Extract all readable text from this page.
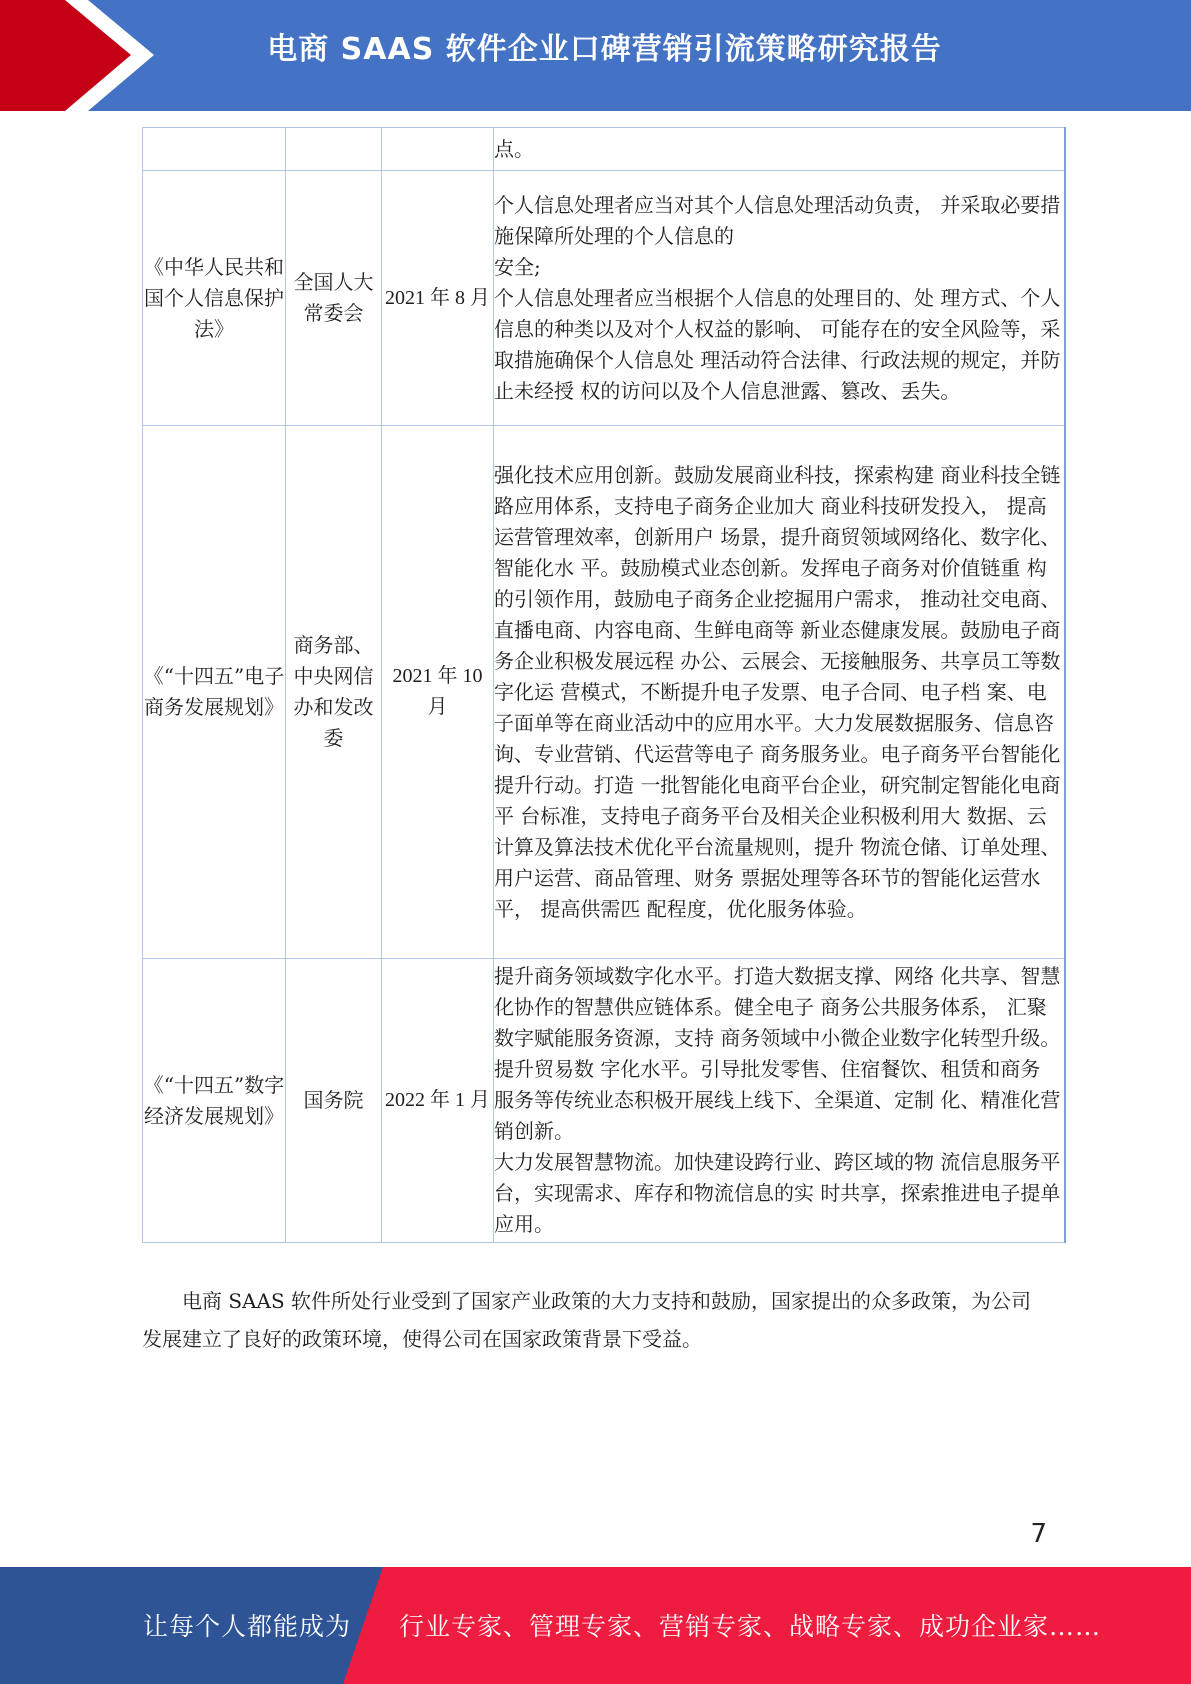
电商 SAAS 软件企业口碑营销引流策略研究报告

			点。

《中华人民共和国个人信息保护法》	全国人大常委会	2021 年 8 月	个人信息处理者应当对其个人信息处理活动负责， 并采取必要措施保障所处理的个人信息的

安全;

个人信息处理者应当根据个人信息的处理目的、处 理方式、个人信息的种类以及对个人权益的影响、 可能存在的安全风险等，采取措施确保个人信息处 理活动符合法律、行政法规的规定，并防止未经授 权的访问以及个人信息泄露、篡改、丢失。

《“十四五”电子商务发展规划》	商务部、中央网信办和发改委	2021 年 10 月	强化技术应用创新。鼓励发展商业科技，探索构建 商业科技全链路应用体系，支持电子商务企业加大 商业科技研发投入， 提高运营管理效率，创新用户 场景，提升商贸领域网络化、数字化、智能化水 平。鼓励模式业态创新。发挥电子商务对价值链重 构的引领作用，鼓励电子商务企业挖掘用户需求， 推动社交电商、直播电商、内容电商、生鲜电商等 新业态健康发展。鼓励电子商务企业积极发展远程 办公、云展会、无接触服务、共享员工等数字化运 营模式，不断提升电子发票、电子合同、电子档 案、电子面单等在商业活动中的应用水平。大力发展数据服务、信息咨询、专业营销、代运营等电子 商务服务业。电子商务平台智能化提升行动。打造 一批智能化电商平台企业，研究制定智能化电商平 台标准，支持电子商务平台及相关企业积极利用大 数据、云计算及算法技术优化平台流量规则，提升 物流仓储、订单处理、用户运营、商品管理、财务 票据处理等各环节的智能化运营水平， 提高供需匹 配程度，优化服务体验。

《“十四五”数字经济发展规划》	国务院	2022 年 1 月	提升商务领域数字化水平。打造大数据支撑、网络 化共享、智慧化协作的智慧供应链体系。健全电子 商务公共服务体系， 汇聚数字赋能服务资源，支持 商务领域中小微企业数字化转型升级。提升贸易数 字化水平。引导批发零售、住宿餐饮、租赁和商务 服务等传统业态积极开展线上线下、全渠道、定制 化、精准化营销创新。

大力发展智慧物流。加快建设跨行业、跨区域的物 流信息服务平台，实现需求、库存和物流信息的实 时共享，探索推进电子提单应用。

电商 SAAS 软件所处行业受到了国家产业政策的大力支持和鼓励，国家提出的众多政策，为公司发展建立了良好的政策环境，使得公司在国家政策背景下受益。

7
让每个人都能成为 行业专家、管理专家、营销专家、战略专家、成功企业家……
